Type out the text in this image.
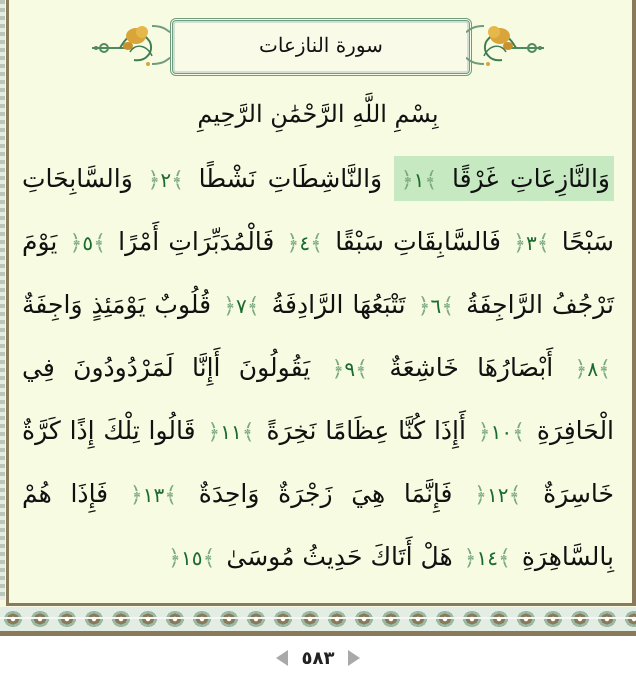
سورة النازعات
بِسْمِ اللَّهِ الرَّحْمَٰنِ الرَّحِيمِ
وَالنَّازِعَاتِ غَرْقًا ﴾١﴿ وَالنَّاشِطَاتِ نَشْطًا ﴾٢﴿ وَالسَّابِحَاتِ سَبْحًا ﴾٣﴿ فَالسَّابِقَاتِ سَبْقًا ﴾٤﴿ فَالْمُدَبِّرَاتِ أَمْرًا ﴾٥﴿ يَوْمَ تَرْجُفُ الرَّاجِفَةُ ﴾٦﴿ تَتْبَعُهَا الرَّادِفَةُ ﴾٧﴿ قُلُوبٌ يَوْمَئِذٍ وَاجِفَةٌ ﴾٨﴿ أَبْصَارُهَا خَاشِعَةٌ ﴾٩﴿ يَقُولُونَ أَإِنَّا لَمَرْدُودُونَ فِي الْحَافِرَةِ ﴾١٠﴿ أَإِذَا كُنَّا عِظَامًا نَخِرَةً ﴾١١﴿ قَالُوا تِلْكَ إِذًا كَرَّةٌ خَاسِرَةٌ ﴾١٢﴿ فَإِنَّمَا هِيَ زَجْرَةٌ وَاحِدَةٌ ﴾١٣﴿ فَإِذَا هُمْ بِالسَّاهِرَةِ ﴾١٤﴿ هَلْ أَتَاكَ حَدِيثُ مُوسَىٰ ﴾١٥﴿
٥٨٣
